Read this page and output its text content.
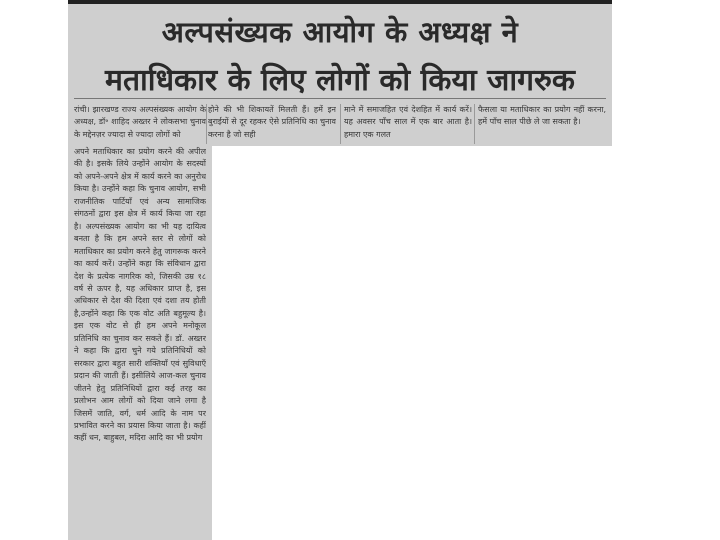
अल्पसंख्यक आयोग के अध्यक्ष ने
मताधिकार के लिए लोगों को किया जागरुक
रांची। झारखण्ड राज्य अल्पसंख्यक आयोग के अध्यक्ष, डॉ॰ शाहिद अख्तर ने लोकसभा चुनाव के मद्देनज़र ज्यादा से ज्यादा लोगों को
होने की भी शिकायतें मिलती हैं। हमें इन बुराईयों से दूर रहकर ऐसे प्रतिनिधि का चुनाव करना है जो सही
माने में समाजहित एवं देशहित में कार्य करें। यह अवसर पाँच साल में एक बार आता है। हमारा एक गलत
फैसला या मताधिकार का प्रयोग नहीं करना, हमें पाँच साल पीछे ले जा सकता है।
अपने मताधिकार का प्रयोग करने की अपील की है। इसके लिये उन्होंने आयोग के सदस्यों को अपने-अपने क्षेत्र में कार्य करने का अनुरोध किया है। उन्होंने कहा कि चुनाव आयोग, सभी राजनीतिक पार्टियाँ एवं अन्य सामाजिक संगठनों द्वारा इस क्षेत्र में कार्य किया जा रहा है। अल्पसंख्यक आयोग का भी यह दायित्व बनता है कि हम अपने स्तर से लोगों को मताधिकार का प्रयोग करने हेतु जागरूक करने का कार्य करें। उन्होंने कहा कि संविधान द्वारा देश के प्रत्येक नागरिक को, जिसकी उम्र १८ वर्ष से ऊपर है, यह अधिकार प्राप्त है, इस अधिकार से देश की दिशा एवं दशा तय होती है,उन्होंने कहा कि एक वोट अति बहुमूल्य है। इस एक वोट से ही हम अपने मनोकूल प्रतिनिधि का चुनाव कर सकते हैं। डॉ. अख्तर ने कहा कि द्वारा चुने गये प्रतिनिधियों को सरकार द्वारा बहुत सारी शक्तियाँ एवं सुविधाएँ प्रदान की जाती हैं। इसीलिये आज-कल चुनाव जीतने हेतु प्रतिनिधियों द्वारा कई तरह का प्रलोभन आम लोगों को दिया जाने लगा है जिसमें जाति, वर्ग, धर्म आदि के नाम पर प्रभावित करने का प्रयास किया जाता है। कहीं कहीं धन, बाहुबल, मदिरा आदि का भी प्रयोग
